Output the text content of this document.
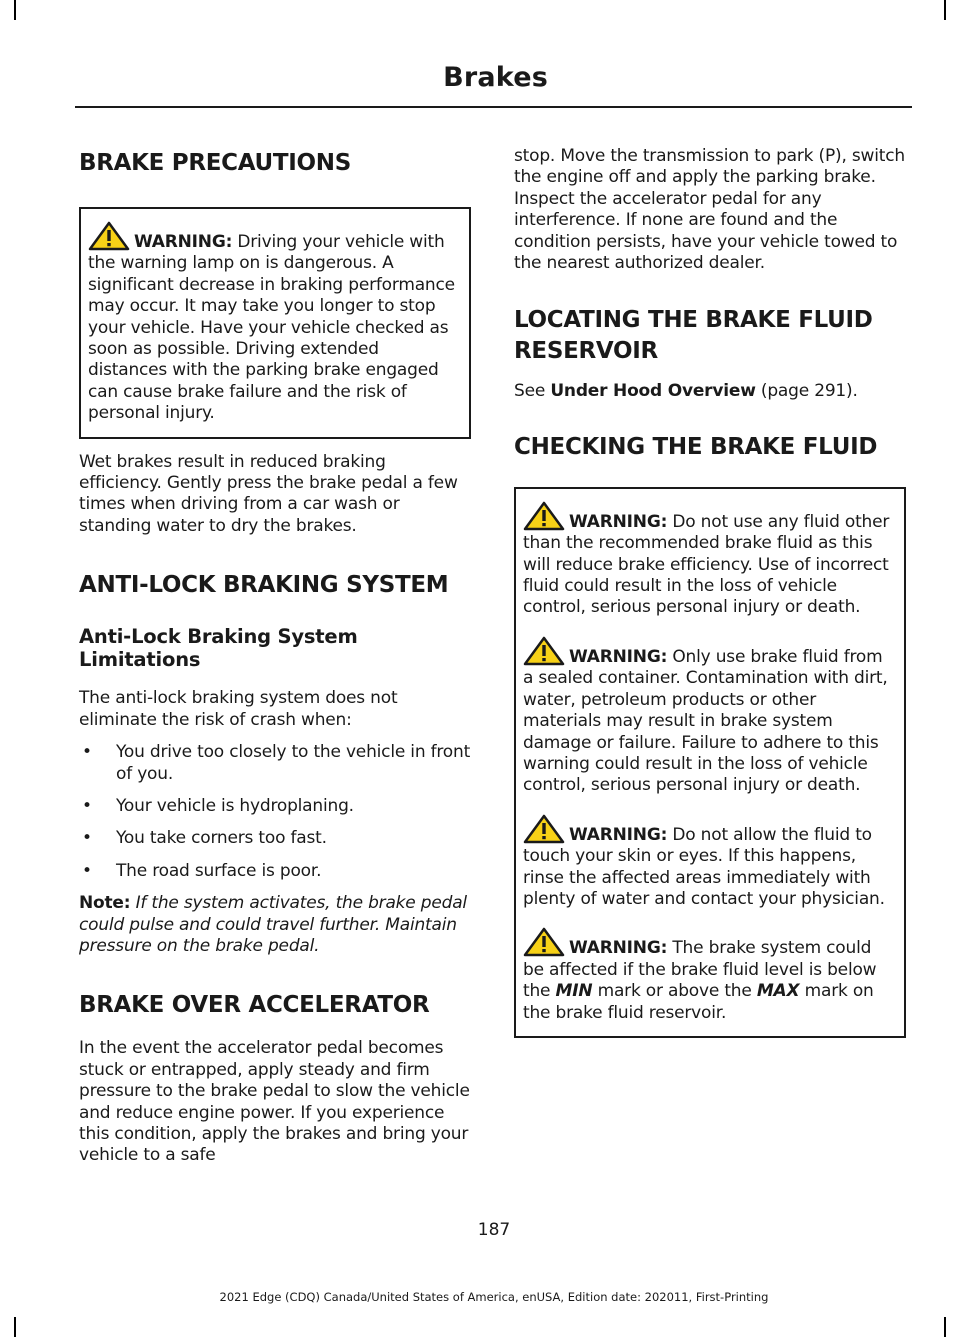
Brakes
BRAKE PRECAUTIONS

WARNING: Driving your vehicle with the warning lamp on is dangerous. A significant decrease in braking performance may occur. It may take you longer to stop your vehicle. Have your vehicle checked as soon as possible. Driving extended distances with the parking brake engaged can cause brake failure and the risk of personal injury.

Wet brakes result in reduced braking efficiency. Gently press the brake pedal a few times when driving from a car wash or standing water to dry the brakes.

ANTI-LOCK BRAKING SYSTEM
Anti-Lock Braking System Limitations

The anti-lock braking system does not eliminate the risk of crash when:

• You drive too closely to the vehicle in front of you.
• Your vehicle is hydroplaning.
• You take corners too fast.
• The road surface is poor.

Note: If the system activates, the brake pedal could pulse and could travel further. Maintain pressure on the brake pedal.

BRAKE OVER ACCELERATOR

In the event the accelerator pedal becomes stuck or entrapped, apply steady and firm pressure to the brake pedal to slow the vehicle and reduce engine power. If you experience this condition, apply the brakes and bring your vehicle to a safe

stop. Move the transmission to park (P), switch the engine off and apply the parking brake. Inspect the accelerator pedal for any interference. If none are found and the condition persists, have your vehicle towed to the nearest authorized dealer.

LOCATING THE BRAKE FLUID RESERVOIR

See Under Hood Overview (page 291).

CHECKING THE BRAKE FLUID

WARNING: Do not use any fluid other than the recommended brake fluid as this will reduce brake efficiency. Use of incorrect fluid could result in the loss of vehicle control, serious personal injury or death.

WARNING: Only use brake fluid from a sealed container. Contamination with dirt, water, petroleum products or other materials may result in brake system damage or failure. Failure to adhere to this warning could result in the loss of vehicle control, serious personal injury or death.

WARNING: Do not allow the fluid to touch your skin or eyes. If this happens, rinse the affected areas immediately with plenty of water and contact your physician.

WARNING: The brake system could be affected if the brake fluid level is below the MIN mark or above the MAX mark on the brake fluid reservoir.

187
2021 Edge (CDQ) Canada/United States of America, enUSA, Edition date: 202011, First-Printing
